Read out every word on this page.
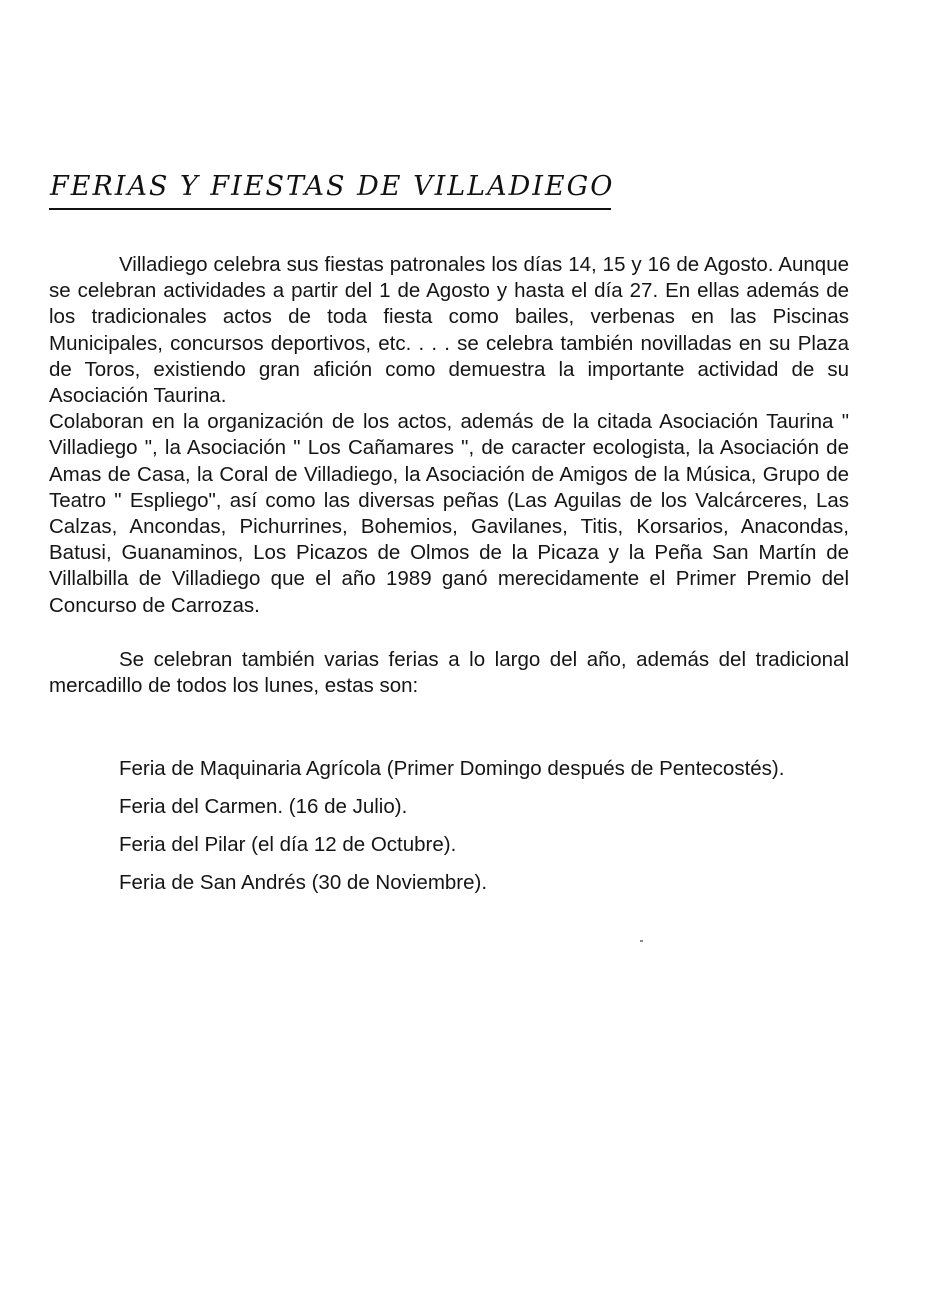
FERIAS Y FIESTAS DE VILLADIEGO

Villadiego celebra sus fiestas patronales los días 14, 15 y 16 de Agosto. Aunque se celebran actividades a partir del 1 de Agosto y hasta el día 27. En ellas además de los tradicionales actos de toda fiesta como bailes, verbenas en las Piscinas Municipales, concursos deportivos, etc. . . . se celebra también novilladas en su Plaza de Toros, existiendo gran afición como demuestra la importante actividad de su Asociación Taurina.

Colaboran en la organización de los actos, además de la citada Asociación Taurina " Villadiego ", la Asociación " Los Cañamares ", de caracter ecologista, la Asociación de Amas de Casa, la Coral de Villadiego, la Asociación de Amigos de la Música, Grupo de Teatro " Espliego", así como las diversas peñas (Las Aguilas de los Valcárceres, Las Calzas, Ancondas, Pichurrines, Bohemios, Gavilanes, Titis, Korsarios, Anacondas, Batusi, Guanaminos, Los Picazos de Olmos de la Picaza y la Peña San Martín de Villalbilla de Villadiego que el año 1989 ganó merecidamente el Primer Premio del Concurso de Carrozas.

Se celebran también varias ferias a lo largo del año, además del tradicional mercadillo de todos los lunes, estas son:

Feria de Maquinaria Agrícola (Primer Domingo después de Pentecostés).
Feria del Carmen. (16 de Julio).
Feria del Pilar (el día 12 de Octubre).
Feria de San Andrés (30 de Noviembre).
